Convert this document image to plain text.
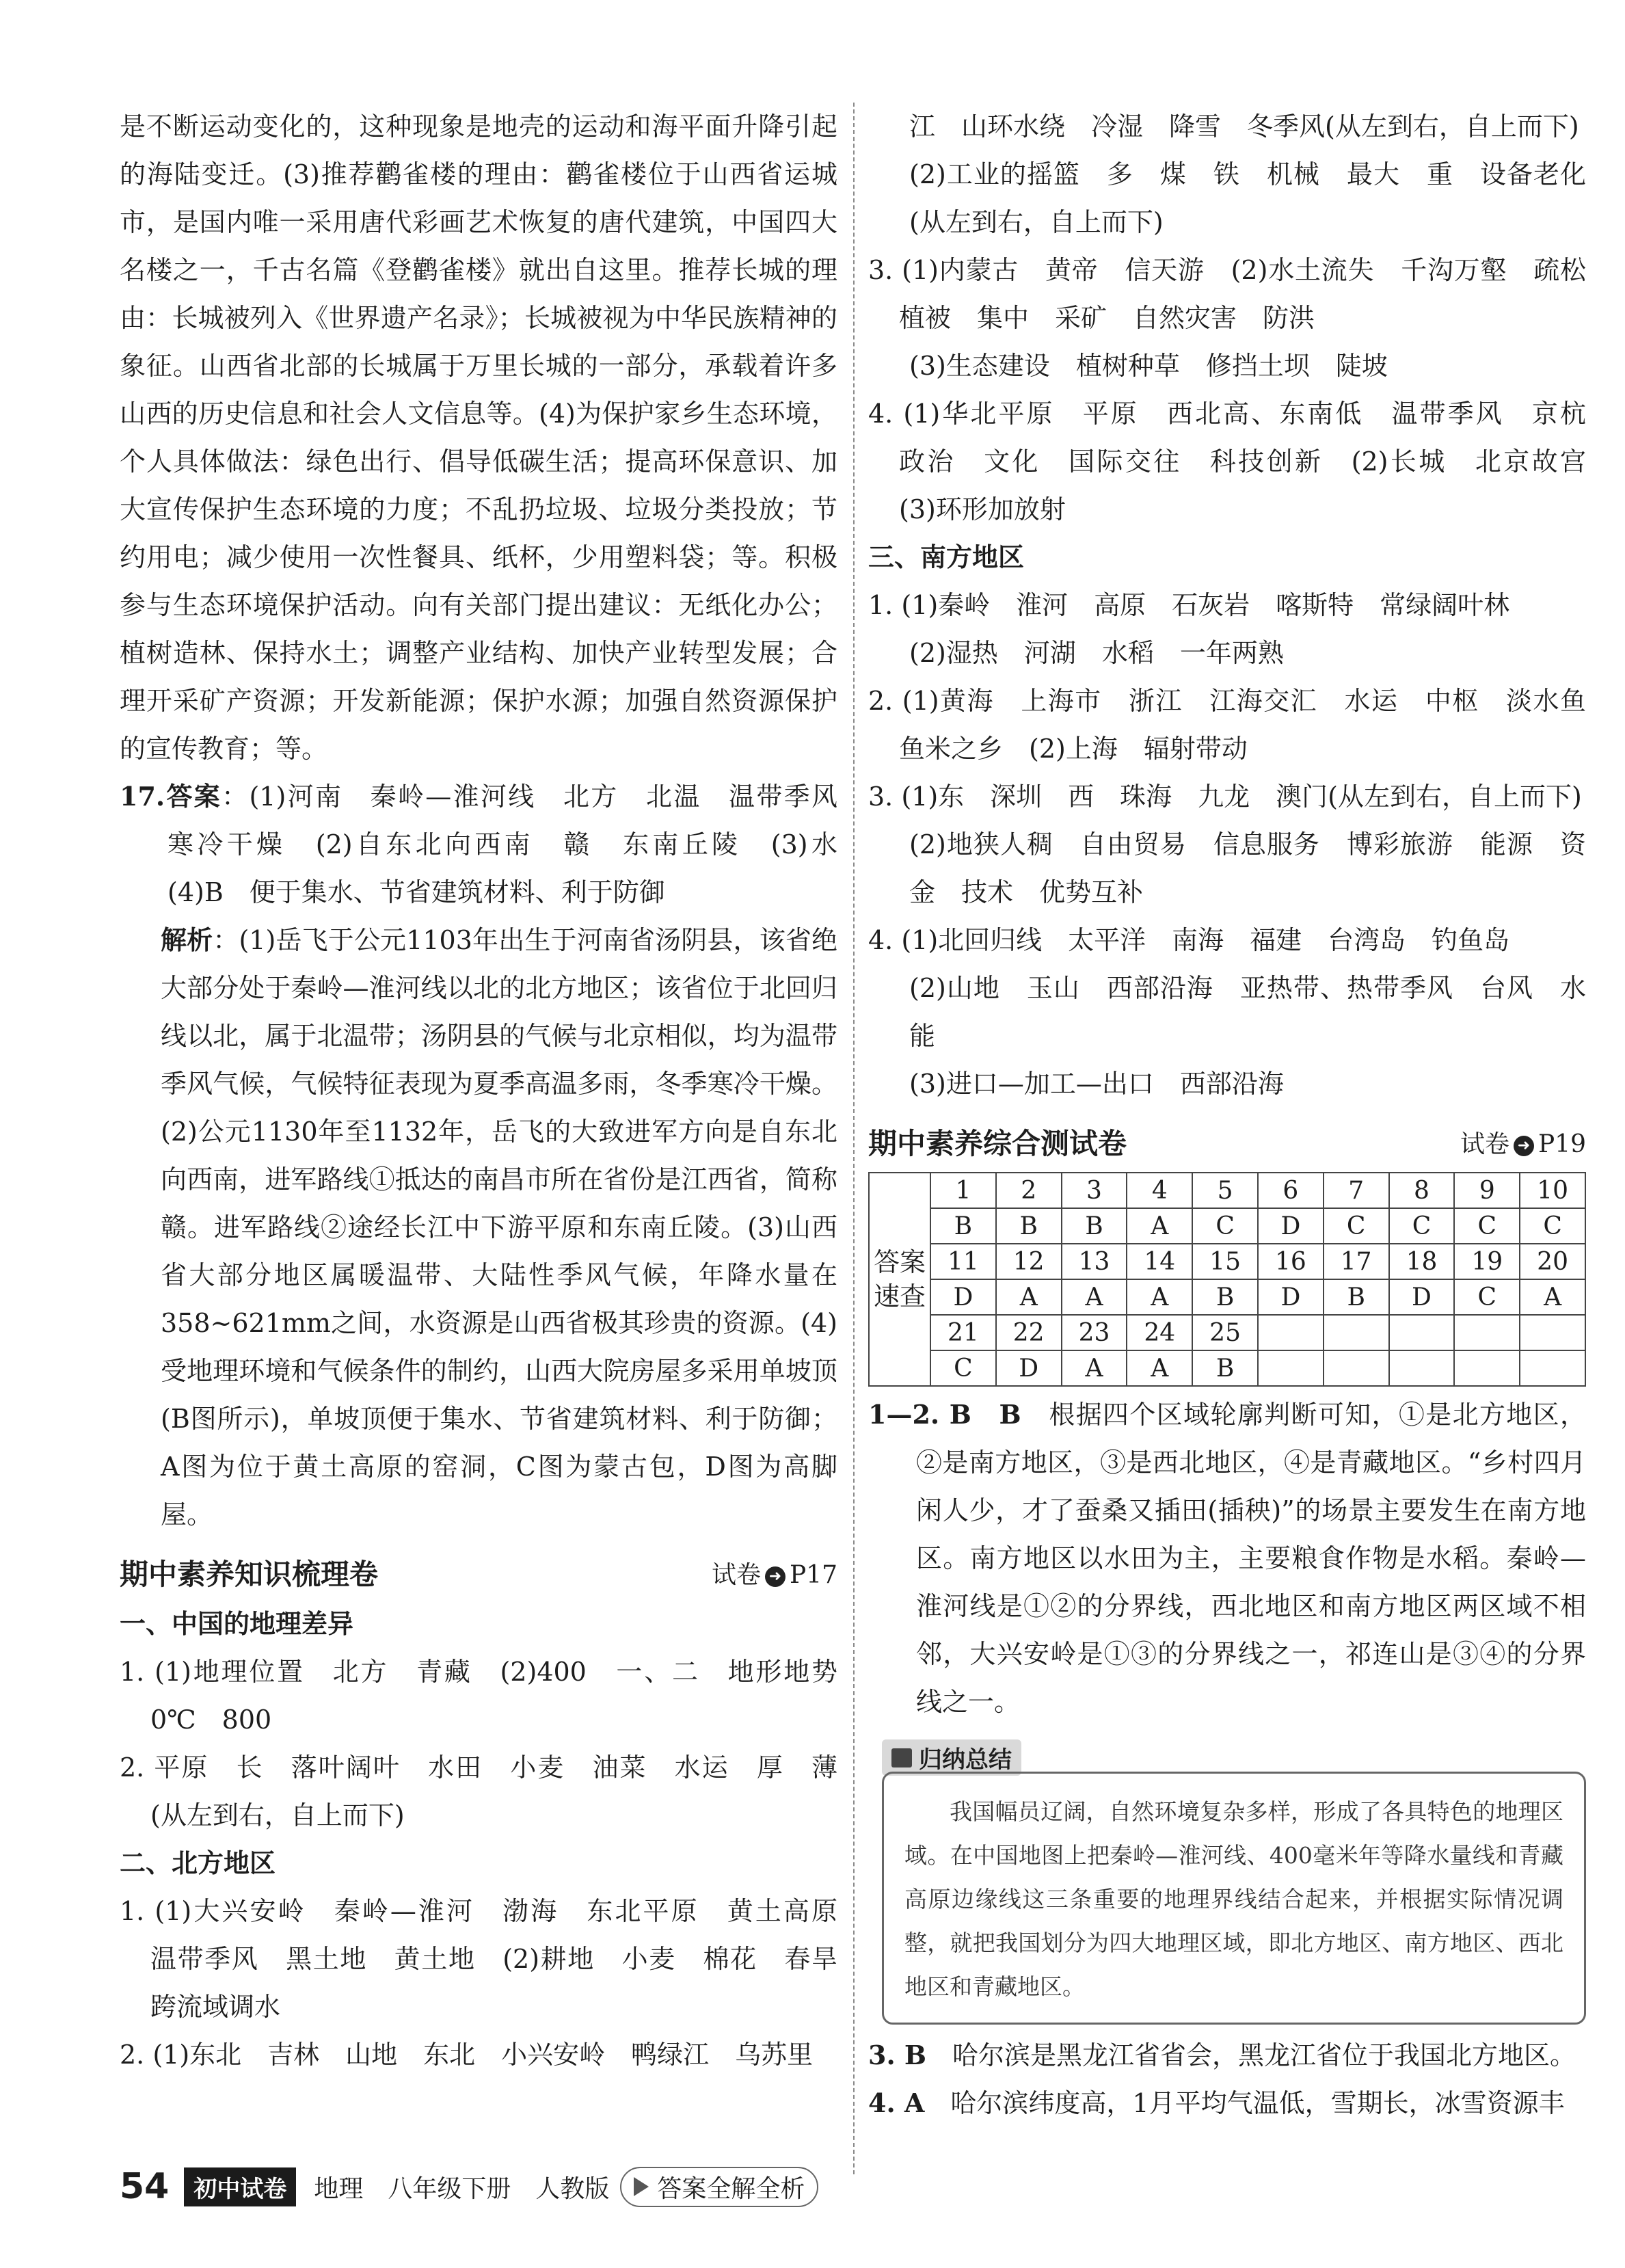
是不断运动变化的，这种现象是地壳的运动和海平面升降引起的海陆变迁。(3)推荐鹳雀楼的理由：鹳雀楼位于山西省运城市，是国内唯一采用唐代彩画艺术恢复的唐代建筑，中国四大名楼之一，千古名篇《登鹳雀楼》就出自这里。推荐长城的理由：长城被列入《世界遗产名录》；长城被视为中华民族精神的象征。山西省北部的长城属于万里长城的一部分，承载着许多山西的历史信息和社会人文信息等。(4)为保护家乡生态环境，个人具体做法：绿色出行、倡导低碳生活；提高环保意识、加大宣传保护生态环境的力度；不乱扔垃圾、垃圾分类投放；节约用电；减少使用一次性餐具、纸杯，少用塑料袋；等。积极参与生态环境保护活动。向有关部门提出建议：无纸化办公；植树造林、保持水土；调整产业结构、加快产业转型发展；合理开采矿产资源；开发新能源；保护水源；加强自然资源保护的宣传教育；等。

17.答案：(1)河南　秦岭—淮河线　北方　北温　温带季风　寒冷干燥　(2)自东北向西南　赣　东南丘陵　(3)水　(4)B　便于集水、节省建筑材料、利于防御

解析：(1)岳飞于公元1103年出生于河南省汤阴县，该省绝大部分处于秦岭—淮河线以北的北方地区；该省位于北回归线以北，属于北温带；汤阴县的气候与北京相似，均为温带季风气候，气候特征表现为夏季高温多雨，冬季寒冷干燥。(2)公元1130年至1132年，岳飞的大致进军方向是自东北向西南，进军路线①抵达的南昌市所在省份是江西省，简称赣。进军路线②途经长江中下游平原和东南丘陵。(3)山西省大部分地区属暖温带、大陆性季风气候，年降水量在358~621mm之间，水资源是山西省极其珍贵的资源。(4)受地理环境和气候条件的制约，山西大院房屋多采用单坡顶(B图所示)，单坡顶便于集水、节省建筑材料、利于防御；A图为位于黄土高原的窑洞，C图为蒙古包，D图为高脚屋。

期中素养知识梳理卷	试卷 ➜ P17

一、中国的地理差异

1. (1)地理位置　北方　青藏　(2)400　一、二　地形地势　0℃　800

2. 平原　长　落叶阔叶　水田　小麦　油菜　水运　厚　薄　(从左到右，自上而下)

二、北方地区

1. (1)大兴安岭　秦岭—淮河　渤海　东北平原　黄土高原　温带季风　黑土地　黄土地　(2)耕地　小麦　棉花　春旱　跨流域调水

2. (1)东北　吉林　山地　东北　小兴安岭　鸭绿江　乌苏里

江　山环水绕　冷湿　降雪　冬季风(从左到右，自上而下)

(2)工业的摇篮　多　煤　铁　机械　最大　重　设备老化(从左到右，自上而下)

3. (1)内蒙古　黄帝　信天游　(2)水土流失　千沟万壑　疏松　植被　集中　采矿　自然灾害　防洪

(3)生态建设　植树种草　修挡土坝　陡坡

4. (1)华北平原　平原　西北高、东南低　温带季风　京杭　政治　文化　国际交往　科技创新　(2)长城　北京故宫　(3)环形加放射

三、南方地区

1. (1)秦岭　淮河　高原　石灰岩　喀斯特　常绿阔叶林

(2)湿热　河湖　水稻　一年两熟

2. (1)黄海　上海市　浙江　江海交汇　水运　中枢　淡水鱼　鱼米之乡　(2)上海　辐射带动

3. (1)东　深圳　西　珠海　九龙　澳门(从左到右，自上而下)

(2)地狭人稠　自由贸易　信息服务　博彩旅游　能源　资金　技术　优势互补

4. (1)北回归线　太平洋　南海　福建　台湾岛　钓鱼岛

(2)山地　玉山　西部沿海　亚热带、热带季风　台风　水能

(3)进口—加工—出口　西部沿海

期中素养综合测试卷	试卷 ➜ P19
答案速查	1	2	3	4	5	6	7	8	9	10
	B	B	B	A	C	D	C	C	C	C
	11	12	13	14	15	16	17	18	19	20
	D	A	A	A	B	D	B	D	C	A
	21	22	23	24	25					
	C	D	A	A	B					

1—2. B　B　根据四个区域轮廓判断可知，①是北方地区，②是南方地区，③是西北地区，④是青藏地区。“乡村四月闲人少，才了蚕桑又插田(插秧)”的场景主要发生在南方地区。南方地区以水田为主，主要粮食作物是水稻。秦岭—淮河线是①②的分界线，西北地区和南方地区两区域不相邻，大兴安岭是①③的分界线之一，祁连山是③④的分界线之一。

归纳总结

我国幅员辽阔，自然环境复杂多样，形成了各具特色的地理区域。在中国地图上把秦岭—淮河线、400毫米年等降水量线和青藏高原边缘线这三条重要的地理界线结合起来，并根据实际情况调整，就把我国划分为四大地理区域，即北方地区、南方地区、西北地区和青藏地区。

3. B　哈尔滨是黑龙江省省会，黑龙江省位于我国北方地区。

4. A　哈尔滨纬度高，1月平均气温低，雪期长，冰雪资源丰

54	初中试卷	地理　八年级下册　人教版 答案全解全析
